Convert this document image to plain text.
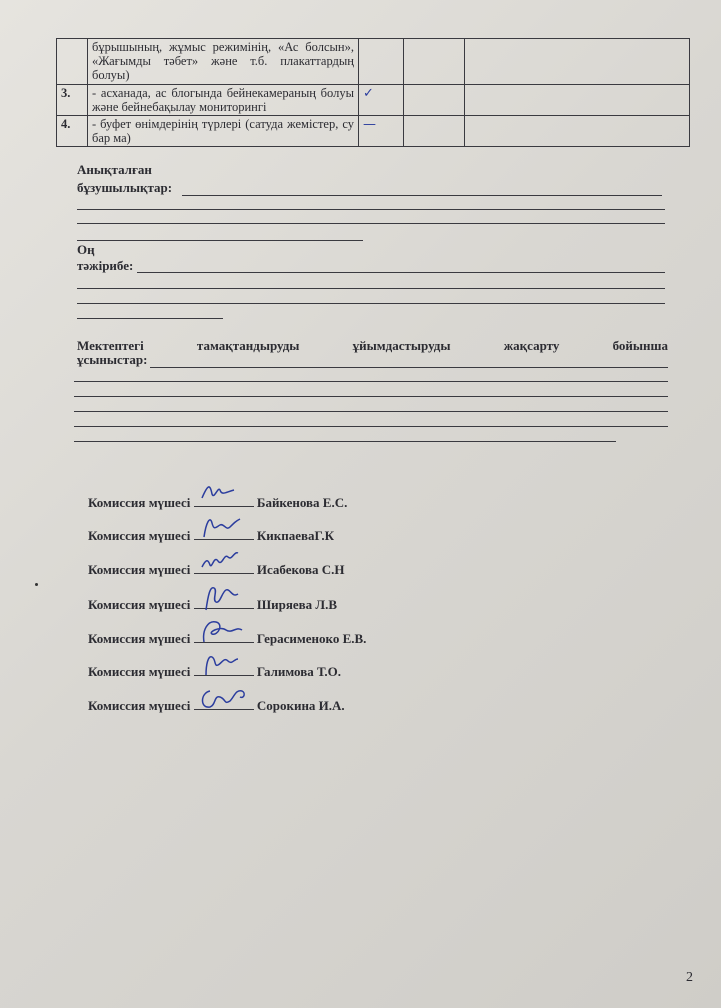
	бұрышының, жұмыс режимінің, «Ас болсын», «Жағымды тәбет» және т.б. плакаттардың болуы)			
3.	- асханада, ас блогында бейнекамераның болуы және бейнебақылау мониторингі	✓		
4.	- буфет өнімдерінің түрлері (сатуда жемістер, су бар ма)	—		
Анықталған
бұзушылықтар:
Оң
тәжірибе:
Мектептегі	тамақтандыруды	ұйымдастыруды	жақсарту	бойынша
ұсыныстар:
Комиссия мүшесі	Байкенова Е.С.
Комиссия мүшесі	КикпаеваГ.К
Комиссия мүшесі	Исабекова С.Н
Комиссия мүшесі	Ширяева Л.В
Комиссия мүшесі	Герасименоко Е.В.
Комиссия мүшесі	Галимова Т.О.
Комиссия мүшесі	Сорокина И.А.
2
